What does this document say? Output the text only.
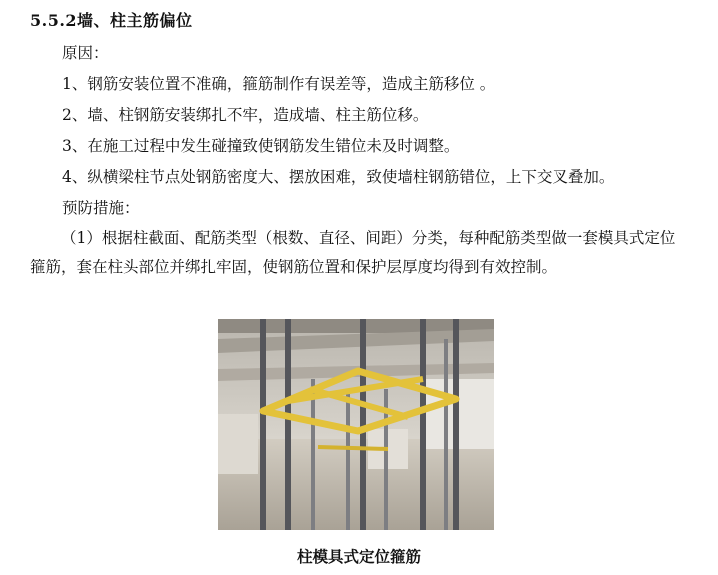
5.5.2墙、柱主筋偏位
原因：
1、钢筋安装位置不准确，箍筋制作有误差等，造成主筋移位 。
2、墙、柱钢筋安装绑扎不牢，造成墙、柱主筋位移。
3、在施工过程中发生碰撞致使钢筋发生错位未及时调整。
4、纵横梁柱节点处钢筋密度大、摆放困难，致使墙柱钢筋错位，上下交叉叠加。
预防措施：
（1）根据柱截面、配筋类型（根数、直径、间距）分类，每种配筋类型做一套模具式定位箍筋，套在柱头部位并绑扎牢固，使钢筋位置和保护层厚度均得到有效控制。
柱模具式定位箍筋
